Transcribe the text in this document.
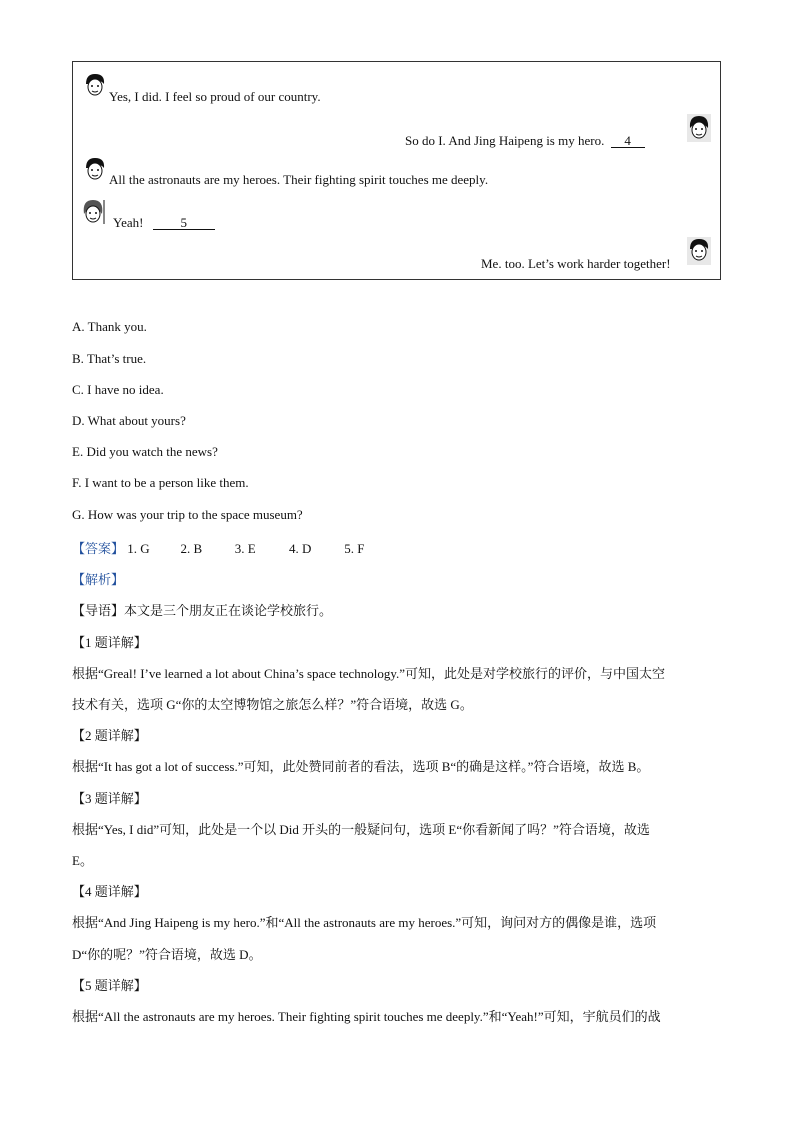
Yes, I did. I feel so proud of our country.
So do I. And Jing Haipeng is my hero. 4
All the astronauts are my heroes. Their fighting spirit touches me deeply.
Yeah!	5
Me. too. Let’s work harder together!
A. Thank you.
B. That’s true.
C. I have no idea.
D. What about yours?
E. Did you watch the news?
F. I want to be a person like them.
G. How was your trip to the space museum?
【答案】 1. G 2. B	3. E	4. D	5. F
【解析】
【导语】本文是三个朋友正在谈论学校旅行。
【1 题详解】
根据“Greal! I’ve learned a lot about China’s space technology.”可知，此处是对学校旅行的评价，与中国太空
技术有关，选项 G“你的太空博物馆之旅怎么样？”符合语境，故选 G。
【2 题详解】
根据“It has got a lot of success.”可知，此处赞同前者的看法，选项 B“的确是这样。”符合语境，故选 B。
【3 题详解】
根据“Yes, I did”可知，此处是一个以 Did 开头的一般疑问句，选项 E“你看新闻了吗？”符合语境，故选
E。
【4 题详解】
根据“And Jing Haipeng is my hero.”和“All the astronauts are my heroes.”可知，询问对方的偶像是谁，选项
D“你的呢？”符合语境，故选 D。
【5 题详解】
根据“All the astronauts are my heroes. Their fighting spirit touches me deeply.”和“Yeah!”可知，宇航员们的战
